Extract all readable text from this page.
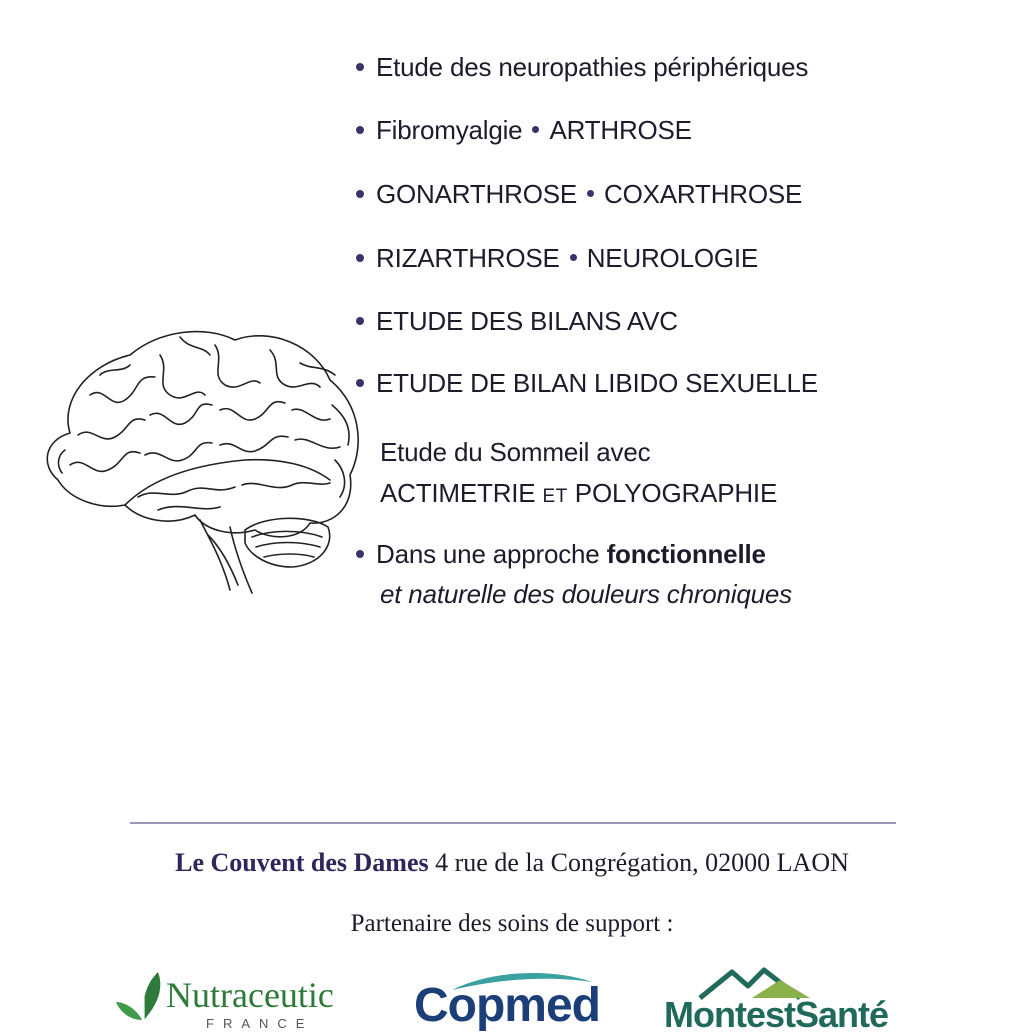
Etude des neuropathies périphériques
Fibromyalgie ARTHROSE
GONARTHROSE COXARTHROSE
RIZARTHROSE NEUROLOGIE
ETUDE DES BILANS AVC
ETUDE DE BILAN LIBIDO SEXUELLE
Etude du Sommeil avec
ACTIMETRIE ET POLYOGRAPHIE
Dans une approche
fonctionnelle
et naturelle des douleurs chroniques
Le Couvent des Dames 4 rue de la Congrégation, 02000 LAON
Partenaire des soins de support :
Nutraceutic
FRANCE Copmed MontestSanté
